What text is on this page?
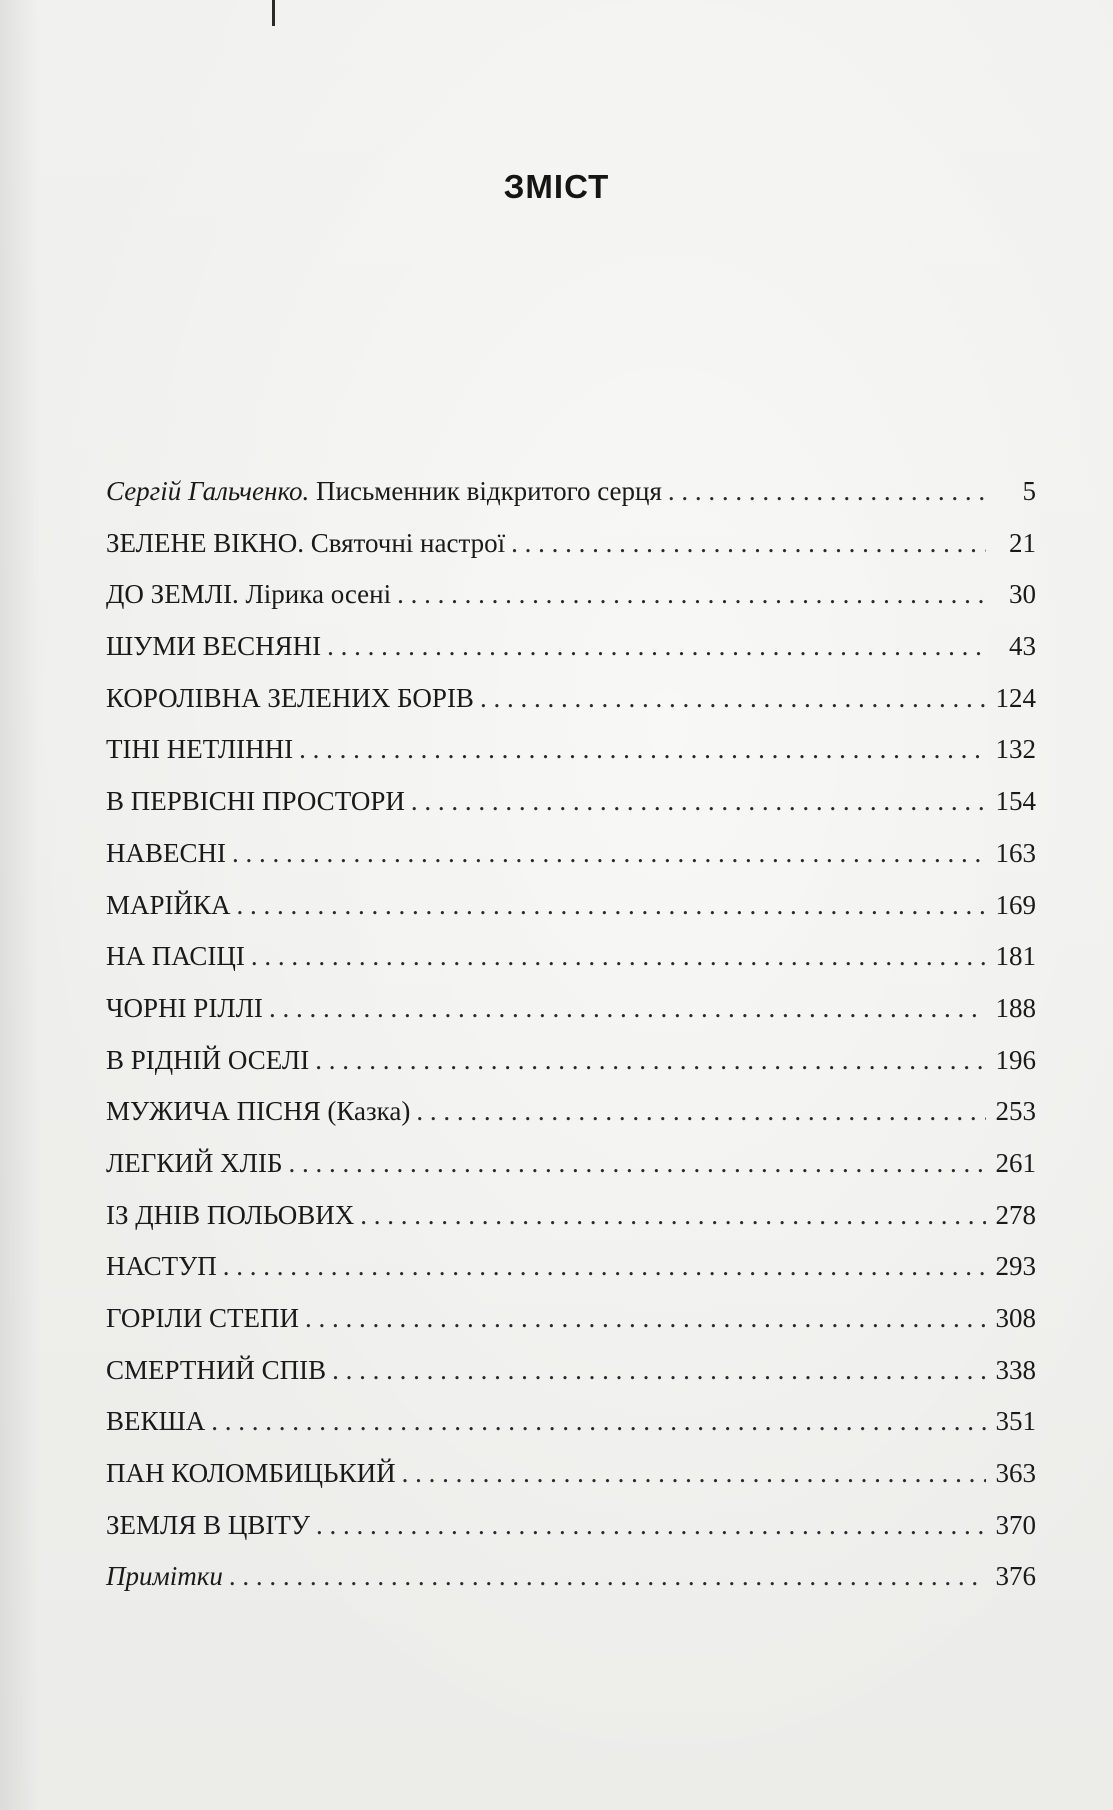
ЗМІСТ
Сергій Гальченко. Письменник відкритого серця . . .	5
ЗЕЛЕНЕ ВІКНО. Святочні настрої . . .	21
ДО ЗЕМЛІ. Лірика осені . . .	30
ШУМИ ВЕСНЯНІ . . .	43
КОРОЛІВНА ЗЕЛЕНИХ БОРІВ . . .	124
ТІНІ НЕТЛІННІ . . .	132
В ПЕРВІСНІ ПРОСТОРИ . . .	154
НАВЕСНІ . . .	163
МАРІЙКА . . .	169
НА ПАСІЦІ . . .	181
ЧОРНІ РІЛЛІ . . .	188
В РІДНІЙ ОСЕЛІ . . .	196
МУЖИЧА ПІСНЯ (Казка) . . .	253
ЛЕГКИЙ ХЛІБ . . .	261
ІЗ ДНІВ ПОЛЬОВИХ . . .	278
НАСТУП . . .	293
ГОРІЛИ СТЕПИ . . .	308
СМЕРТНИЙ СПІВ . . .	338
ВЕКША . . .	351
ПАН КОЛОМБИЦЬКИЙ . . .	363
ЗЕМЛЯ В ЦВІТУ . . .	370
Примітки . . .	376
